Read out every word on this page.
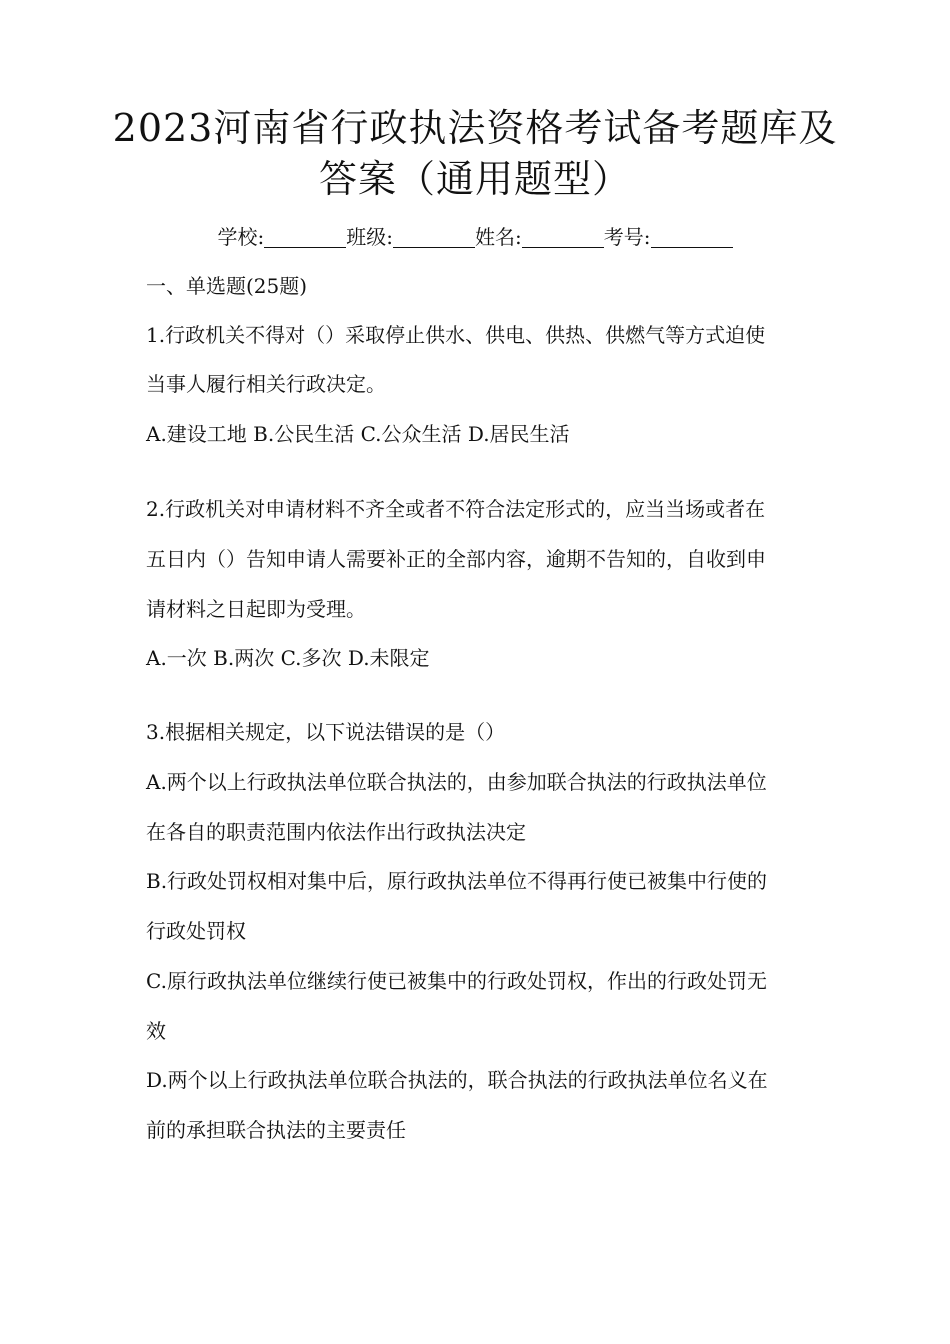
2023河南省行政执法资格考试备考题库及
答案（通用题型）
学校:	班级:	姓名:	考号:
一、单选题(25题)
1.行政机关不得对（）采取停止供水、供电、供热、供燃气等方式迫使
当事人履行相关行政决定。
A.建设工地 B.公民生活 C.公众生活 D.居民生活
2.行政机关对申请材料不齐全或者不符合法定形式的，应当当场或者在
五日内（）告知申请人需要补正的全部内容，逾期不告知的，自收到申
请材料之日起即为受理。
A.一次 B.两次 C.多次 D.未限定
3.根据相关规定，以下说法错误的是（）
A.两个以上行政执法单位联合执法的，由参加联合执法的行政执法单位
在各自的职责范围内依法作出行政执法决定
B.行政处罚权相对集中后，原行政执法单位不得再行使已被集中行使的
行政处罚权
C.原行政执法单位继续行使已被集中的行政处罚权，作出的行政处罚无
效
D.两个以上行政执法单位联合执法的，联合执法的行政执法单位名义在
前的承担联合执法的主要责任
